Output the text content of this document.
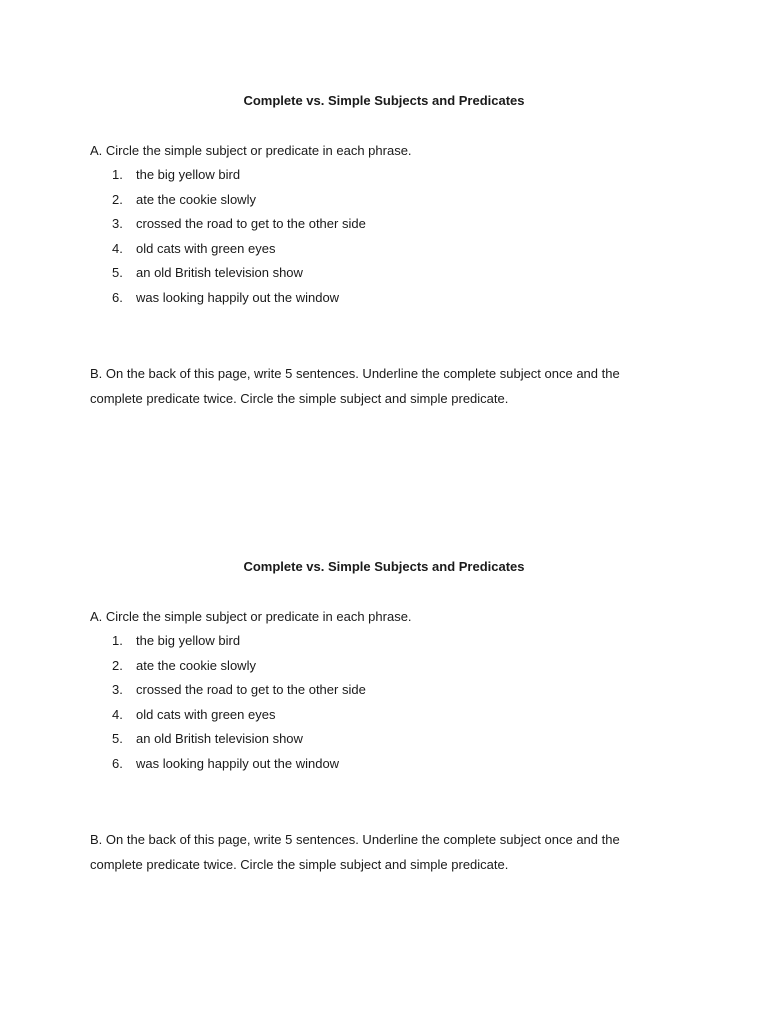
Complete vs. Simple Subjects and Predicates
A. Circle the simple subject or predicate in each phrase.
1.	the big yellow bird
2.	ate the cookie slowly
3.	crossed the road to get to the other side
4.	old cats with green eyes
5.	an old British television show
6.	was looking happily out the window

B. On the back of this page, write 5 sentences. Underline the complete subject once and the

complete predicate twice. Circle the simple subject and simple predicate.

Complete vs. Simple Subjects and Predicates
A. Circle the simple subject or predicate in each phrase.
1.	the big yellow bird
2.	ate the cookie slowly
3.	crossed the road to get to the other side
4.	old cats with green eyes
5.	an old British television show
6.	was looking happily out the window

B. On the back of this page, write 5 sentences. Underline the complete subject once and the

complete predicate twice. Circle the simple subject and simple predicate.
